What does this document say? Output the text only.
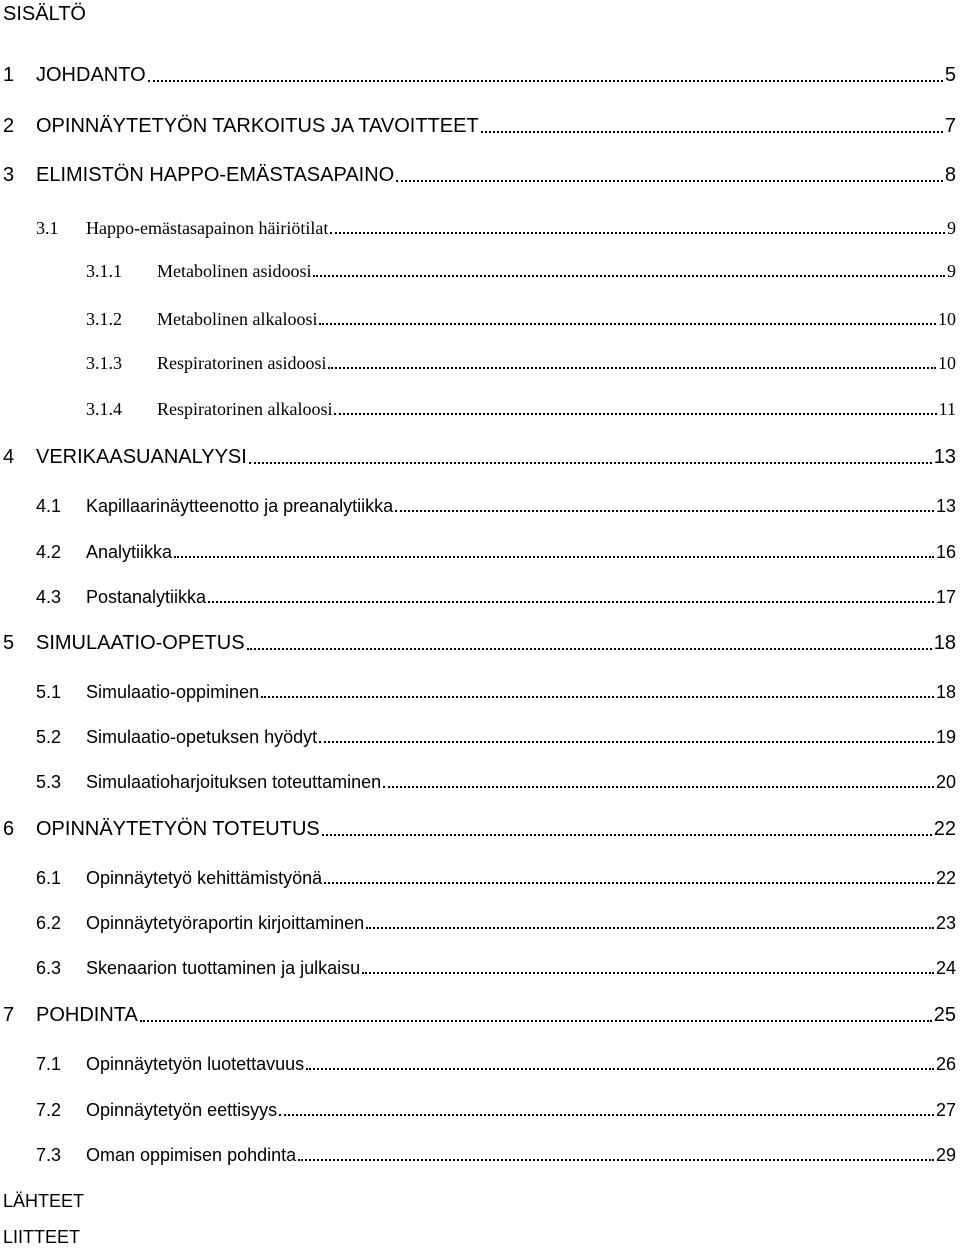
SISÄLTÖ
1	JOHDANTO	5
2	OPINNÄYTETYÖN TARKOITUS JA TAVOITTEET	7
3	ELIMISTÖN HAPPO-EMÄSTASAPAINO	8
3.1	Happo-emästasapainon häiriötilat	9
3.1.1	Metabolinen asidoosi	9
3.1.2	Metabolinen alkaloosi	10
3.1.3	Respiratorinen asidoosi	10
3.1.4	Respiratorinen alkaloosi	11
4	VERIKAASUANALYYSI	13
4.1	Kapillaarinäytteenotto ja preanalytiikka	13
4.2	Analytiikka	16
4.3	Postanalytiikka	17
5	SIMULAATIO-OPETUS	18
5.1	Simulaatio-oppiminen	18
5.2	Simulaatio-opetuksen hyödyt	19
5.3	Simulaatioharjoituksen toteuttaminen	20
6	OPINNÄYTETYÖN TOTEUTUS	22
6.1	Opinnäytetyö kehittämistyönä	22
6.2	Opinnäytetyöraportin kirjoittaminen	23
6.3	Skenaarion tuottaminen ja julkaisu	24
7	POHDINTA	25
7.1	Opinnäytetyön luotettavuus	26
7.2	Opinnäytetyön eettisyys	27
7.3	Oman oppimisen pohdinta	29
LÄHTEET
LIITTEET
